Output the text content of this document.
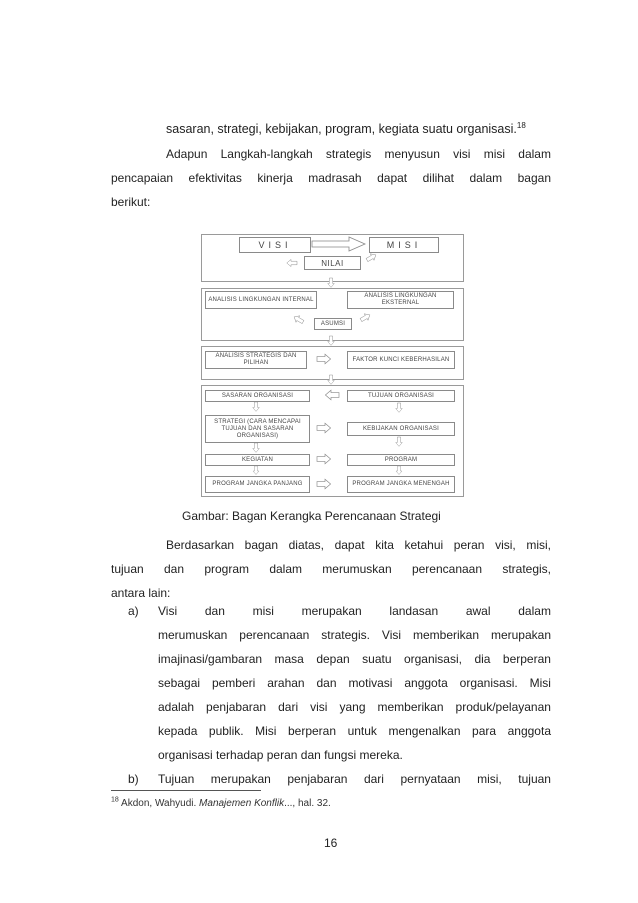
sasaran, strategi, kebijakan, program, kegiata suatu organisasi.$^{18}$
Adapun Langkah-langkah strategis menyusun visi misi dalam
pencapaian efektivitas kinerja madrasah dapat dilihat dalam bagan
berikut:
VISI	MISI
NILAI
ANALISIS LINGKUNGAN INTERNAL
ANALISIS LINGKUNGAN EKSTERNAL
ASUMSI
ANALISIS STRATEGIS DAN PILIHAN
FAKTOR KUNCI KEBERHASILAN
SASARAN ORGANISASI	TUJUAN ORGANISASI
STRATEGI (CARA MENCAPAI TUJUAN DAN SASARAN ORGANISASI)
KEBIJAKAN ORGANISASI
KEGIATAN	PROGRAM
PROGRAM JANGKA PANJANG	PROGRAM JANGKA MENENGAH
Gambar: Bagan Kerangka Perencanaan Strategi
Berdasarkan bagan diatas, dapat kita ketahui peran visi, misi,
tujuan dan program dalam merumuskan perencanaan strategis,
antara lain:
a) Visi dan misi merupakan landasan awal dalam
merumuskan perencanaan strategis. Visi memberikan merupakan
imajinasi/gambaran masa depan suatu organisasi, dia berperan
sebagai pemberi arahan dan motivasi anggota organisasi. Misi
adalah penjabaran dari visi yang memberikan produk/pelayanan
kepada publik. Misi berperan untuk mengenalkan para anggota
organisasi terhadap peran dan fungsi mereka.
b) Tujuan merupakan penjabaran dari pernyataan misi, tujuan
$^{18}$ Akdon, Wahyudi. Manajemen Konflik..., hal. 32.
16
